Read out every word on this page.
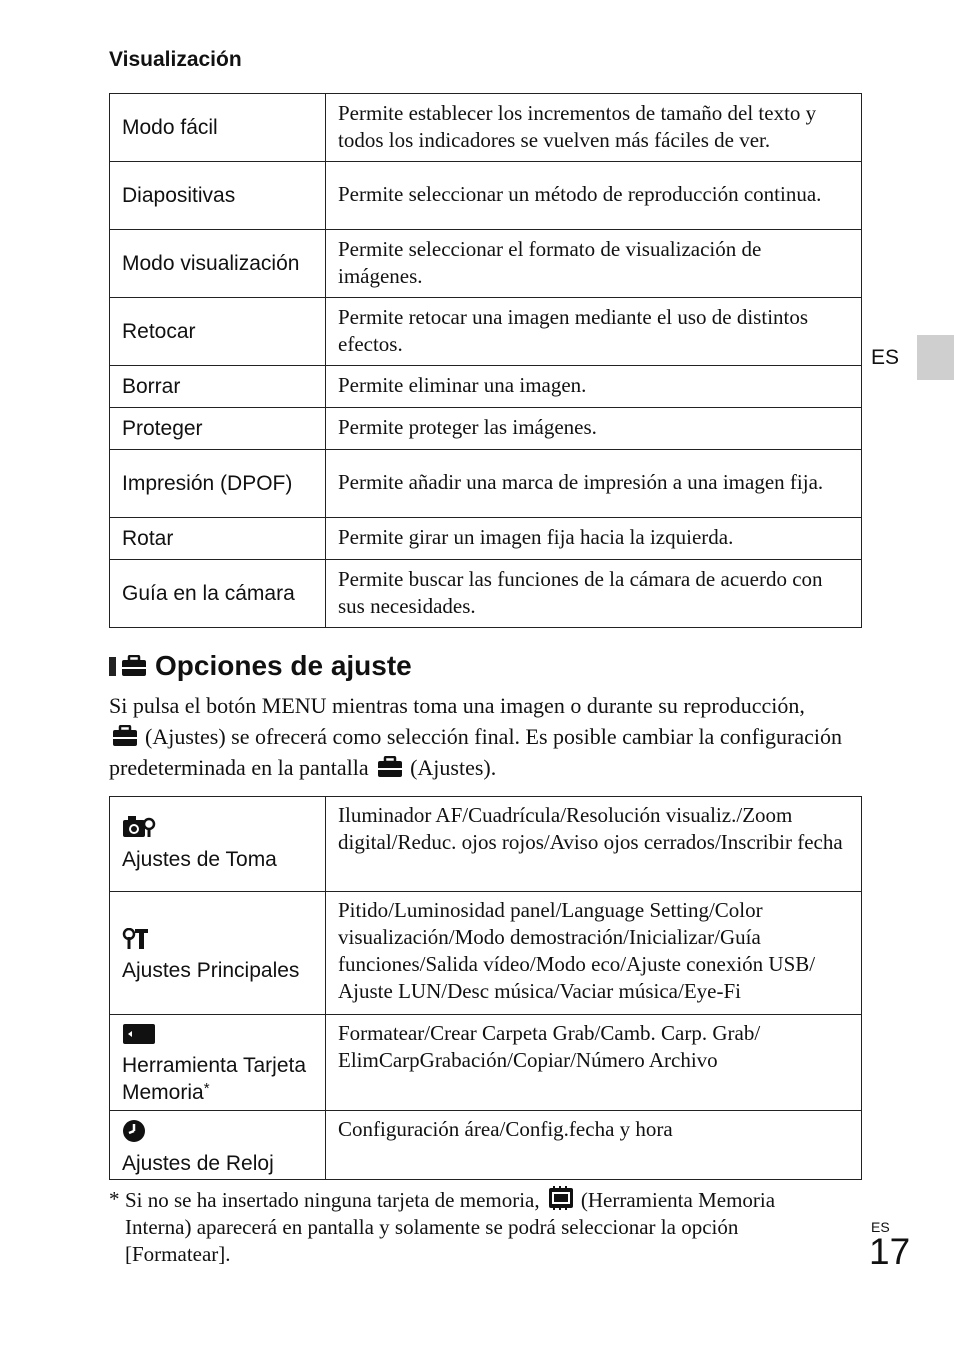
Visualización
Modo fácil	Permite establecer los incrementos de tamaño del texto y todos los indicadores se vuelven más fáciles de ver.
Diapositivas	Permite seleccionar un método de reproducción continua.
Modo visualización	Permite seleccionar el formato de visualización de imágenes.
Retocar	Permite retocar una imagen mediante el uso de distintos efectos.
Borrar	Permite eliminar una imagen.
Proteger	Permite proteger las imágenes.
Impresión (DPOF)	Permite añadir una marca de impresión a una imagen fija.
Rotar	Permite girar un imagen fija hacia la izquierda.
Guía en la cámara	Permite buscar las funciones de la cámara de acuerdo con sus necesidades.
Opciones de ajuste
Si pulsa el botón MENU mientras toma una imagen o durante su reproducción,
(Ajustes) se ofrecerá como selección final. Es posible cambiar la configuración predeterminada en la pantalla (Ajustes).

Ajustes de Toma	Iluminador AF/Cuadrícula/Resolución visualiz./Zoom digital/Reduc. ojos rojos/Aviso ojos cerrados/Inscribir fecha

Ajustes Principales	Pitido/Luminosidad panel/Language Setting/Color visualización/Modo demostración/Inicializar/Guía funciones/Salida vídeo/Modo eco/Ajuste conexión USB/ Ajuste LUN/Desc música/Vaciar música/Eye-Fi

Herramienta Tarjeta Memoria*	Formatear/Crear Carpeta Grab/Camb. Carp. Grab/ ElimCarpGrabación/Copiar/Número Archivo

Ajustes de Reloj	Configuración área/Config.fecha y hora
* Si no se ha insertado ninguna tarjeta de memoria, (Herramienta Memoria Interna) aparecerá en pantalla y solamente se podrá seleccionar la opción [Formatear].
ES
ES
17
